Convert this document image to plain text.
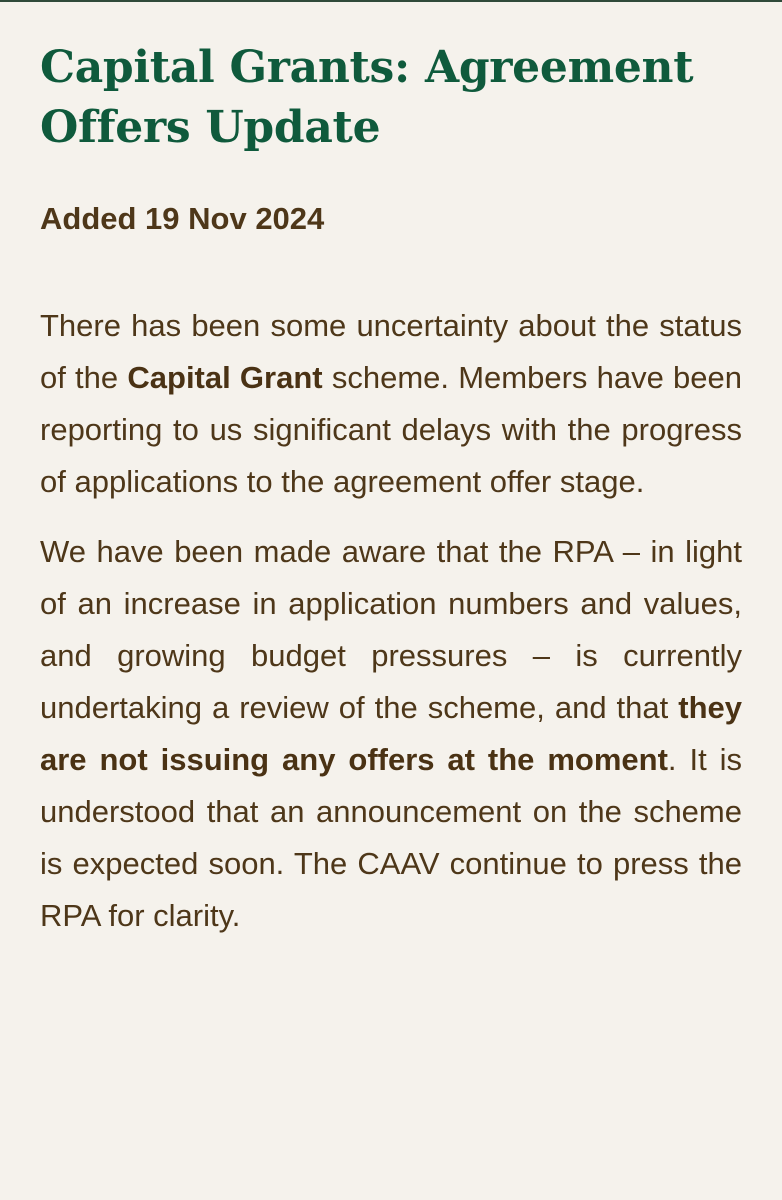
Capital Grants: Agreement Offers Update
Added 19 Nov 2024

There has been some uncertainty about the status of the Capital Grant scheme. Members have been reporting to us significant delays with the progress of applications to the agreement offer stage.

We have been made aware that the RPA – in light of an increase in application numbers and values, and growing budget pressures – is currently undertaking a review of the scheme, and that they are not issuing any offers at the moment. It is understood that an announcement on the scheme is expected soon. The CAAV continue to press the RPA for clarity.
